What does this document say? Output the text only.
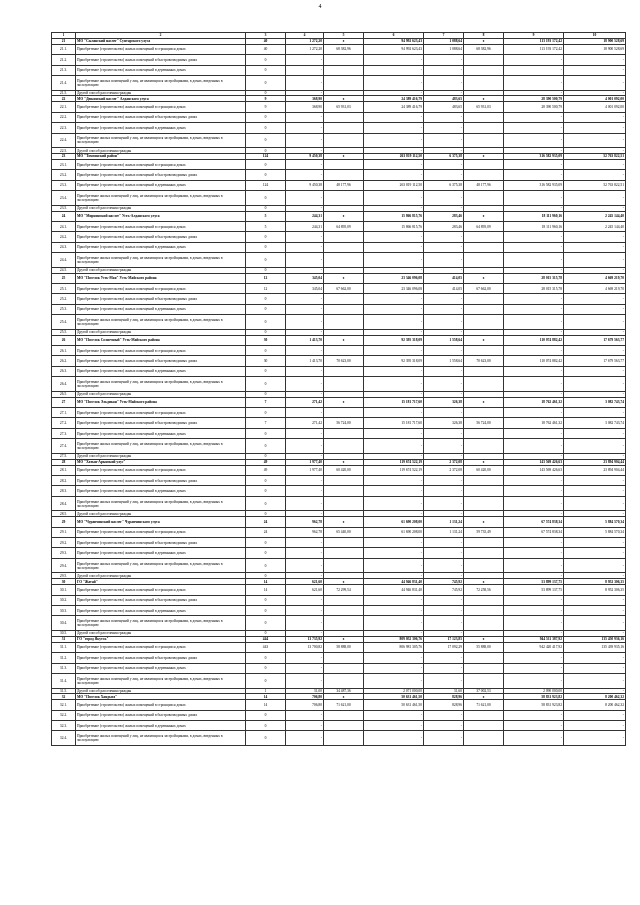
4
1	2	3	4	5	6	7	8	9	10
21	МО "Сыланский наслег" Сунтарского улуса	40	1 272,20	х	94 992 623,43	1 088,64	х	113 193 172,42	18 900 528,69
21.1.	Приобретение (строительство) жилых помещений в строящихся домах	40	1 272,20	68 382,96	94 992 623,43	1 088,64	68 382,96	113 193 172,42	18 900 528,69
21.2.	Приобретение (строительство) жилых помещений в быстровозводимых домах	0	-		-	-		-	-
21.3.	Приобретение (строительство) жилых помещений в деревянных домах	0	-		-	-		-	-
21.4.	Приобретение жилых помещений у лиц, не являющихся застройщиками, в домах, введенных в эксплуатацию	0	-		-	-		-	-
21.5.	Другой способ расселения граждан	0	-		-	-		-	-
22	МО "Дюкинский наслег" Алданского улуса	9	368,90	х	24 389 416,79	483,65	х	28 390 500,79	4 001 092,00
22.1.	Приобретение (строительство) жилых помещений в строящихся домах	9	368,90	65 931,03	24 389 416,79	483,65	65 931,03	28 390 500,79	4 001 092,00
22.2.	Приобретение (строительство) жилых помещений в быстровозводимых домах	0	-		-	-		-	-
22.3.	Приобретение (строительство) жилых помещений в деревянных домах	0	-		-	-		-	-
22.4.	Приобретение жилых помещений у лиц, не являющихся застройщиками, в домах, введенных в эксплуатацию	0	-		-	-		-	-
22.5.	Другой способ расселения граждан	0	-		-	-		-	-
23	МО "Томпонский район"	124	9 450,38	х	263 819 112,50	6 375,38	х	316 582 935,09	52 763 822,51
23.1.	Приобретение (строительство) жилых помещений в строящихся домах	0	-		-	-		-	-
23.2.	Приобретение (строительство) жилых помещений в быстровозводимых домах	0	-		-	-		-	-
23.3.	Приобретение (строительство) жилых помещений в деревянных домах	124	9 450,38	48 177,96	263 819 112,50	6 375,38	48 177,96	316 582 935,09	52 763 822,51
23.4.	Приобретение жилых помещений у лиц, не являющихся застройщиками, в домах, введенных в эксплуатацию	0	-		-	-		-	-
23.5.	Другой способ расселения граждан	0	-		-	-		-	-
24	МО "Мирнинский наслег" Усть-Алданского улуса	5	244,31	х	15 866 815,76	283,46	х	18 111 960,16	2 245 144,40
24.1.	Приобретение (строительство) жилых помещений в строящихся домах	5	244,31	64 895,09	15 866 815,76	283,46	64 895,09	18 111 960,16	2 245 144,40
24.2.	Приобретение (строительство) жилых помещений в быстровозводимых домах	0	-		-	-		-	-
24.3.	Приобретение (строительство) жилых помещений в деревянных домах	0	-		-	-		-	-
24.4.	Приобретение жилых помещений у лиц, не являющихся застройщиками, в домах, введенных в эксплуатацию	0	-		-	-		-	-
24.5.	Другой способ расселения граждан	0	-		-	-		-	-
25	МО "Поселок Усть-Мая" Усть-Майского района	12	345,04	х	23 346 096,08	414,05	х	28 015 315,78	4 669 219,70
25.1.	Приобретение (строительство) жилых помещений в строящихся домах	12	345,04	67 662,00	23 346 096,08	414,05	67 662,00	28 015 315,78	4 669 219,70
25.2.	Приобретение (строительство) жилых помещений в быстровозводимых домах	0	-		-	-		-	-
25.3.	Приобретение (строительство) жилых помещений в деревянных домах	0	-		-	-		-	-
25.4.	Приобретение жилых помещений у лиц, не являющихся застройщиками, в домах, введенных в эксплуатацию	0	-		-	-		-	-
25.5.	Другой способ расселения граждан	0	-		-	-		-	-
26	МО "Поселок Солнечный" Усть-Майского района	30	1 413,70	х	92 395 318,09	1 558,64	х	110 074 882,42	17 679 563,77
26.1.	Приобретение (строительство) жилых помещений в строящихся домах	0	-		-	-		-	-
26.2.	Приобретение (строительство) жилых помещений в быстровозводимых домах	30	1 413,70	70 623,00	92 395 318,09	1 558,64	70 623,00	110 074 882,42	17 679 563,77
26.3.	Приобретение (строительство) жилых помещений в деревянных домах	0	-		-	-		-	-
26.4.	Приобретение жилых помещений у лиц, не являющихся застройщиками, в домах, введенных в эксплуатацию	0	-		-	-		-	-
26.5.	Другой способ расселения граждан	0	-		-	-		-	-
27	МО "Поселок Эльдикан" Усть-Майского района	7	271,42	х	15 181 717,60	326,38	х	18 762 461,32	3 082 743,74
27.1.	Приобретение (строительство) жилых помещений в строящихся домах	0	-		-	-		-	-
27.2.	Приобретение (строительство) жилых помещений в быстровозводимых домах	7	271,42	56 724,00	15 181 717,60	326,38	56 724,00	18 762 461,32	3 082 743,74
27.3.	Приобретение (строительство) жилых помещений в деревянных домах	0	-		-	-		-	-
27.4.	Приобретение жилых помещений у лиц, не являющихся застройщиками, в домах, введенных в эксплуатацию	0	-		-	-		-	-
27.5.	Другой способ расселения граждан	0	-		-	-		-	-
28	МО "Хатын-Арынский улус"	49	1 977,40	х	119 674 522,19	2 372,08	х	143 569 426,63	23 894 904,44
28.1.	Приобретение (строительство) жилых помещений в строящихся домах	49	1 977,40	60 420,00	119 674 522,19	2 372,08	60 420,00	143 569 426,63	23 894 904,44
28.2.	Приобретение (строительство) жилых помещений в быстровозводимых домах	0	-		-	-		-	-
28.3.	Приобретение (строительство) жилых помещений в деревянных домах	0	-		-	-		-	-
28.4.	Приобретение жилых помещений у лиц, не являющихся застройщиками, в домах, введенных в эксплуатацию	0	-		-	-		-	-
28.5.	Другой способ расселения граждан	0	-		-	-		-	-
29	МО "Чурапчинский наслег" Чурапчинского улуса	24	962,78	х	61 690 208,00	1 131,24	х	67 574 838,34	5 884 570,34
29.1.	Приобретение (строительство) жилых помещений в строящихся домах	24	962,78	65 440,00	61 690 208,00	1 131,24	59 735,49	67 574 838,34	5 884 570,34
29.2.	Приобретение (строительство) жилых помещений в быстровозводимых домах	0	-		-	-		-	-
29.3.	Приобретение (строительство) жилых помещений в деревянных домах	0	-		-	-		-	-
29.4.	Приобретение жилых помещений у лиц, не являющихся застройщиками, в домах, введенных в эксплуатацию	0	-		-	-		-	-
29.5.	Другой способ расселения граждан	0	-		-	-		-	-
30	ГО "Жатай"	14	621,60	х	44 946 831,40	745,92	х	53 899 137,75	8 952 306,35
30.1.	Приобретение (строительство) жилых помещений в строящихся домах	14	621,60	72 299,54	44 946 831,40	745,92	72 258,56	53 899 137,75	8 952 306,35
30.2.	Приобретение (строительство) жилых помещений в быстровозводимых домах	0	-		-	-		-	-
30.3.	Приобретение (строительство) жилых помещений в деревянных домах	0	-		-	-		-	-
30.4.	Приобретение жилых помещений у лиц, не являющихся застройщиками, в домах, введенных в эксплуатацию	0	-		-	-		-	-
30.5.	Другой способ расселения граждан	0	-		-	-		-	-
31	ГО "город Якутск"	444	13 735,92	х	809 052 306,76	17 123,85	х	944 511 387,92	135 450 936,16
31.1.	Приобретение (строительство) жилых помещений в строящихся домах	443	13 700,82	58 888,00	806 981 305,76	17 092,29	55 888,00	942 420 417,92	135 439 935,16
31.2.	Приобретение (строительство) жилых помещений в быстровозводимых домах	0	-		-	-		-	-
31.3.	Приобретение (строительство) жилых помещений в деревянных домах	0	-		-	-		-	-
31.4.	Приобретение жилых помещений у лиц, не являющихся застройщиками, в домах, введенных в эксплуатацию	0	-		-	-		-	-
31.5.	Другой способ расселения граждан	1	31,00	34 487,36	2 071 000,00	31,60	37 002,53	2 090 000,00	-
32	МО "Поселок Хандыга"	14	706,80	х	50 631 461,50	828,96	х	58 831 923,82	8 200 462,32
32.1.	Приобретение (строительство) жилых помещений в строящихся домах	14	706,80	71 621,00	50 631 461,50	828,96	71 621,00	58 831 923,82	8 200 462,32
32.2.	Приобретение (строительство) жилых помещений в быстровозводимых домах	0	-		-	-		-	-
32.3.	Приобретение (строительство) жилых помещений в деревянных домах	0	-		-	-		-	-
32.4.	Приобретение жилых помещений у лиц, не являющихся застройщиками, в домах, введенных в эксплуатацию	0	-		-	-		-	-
